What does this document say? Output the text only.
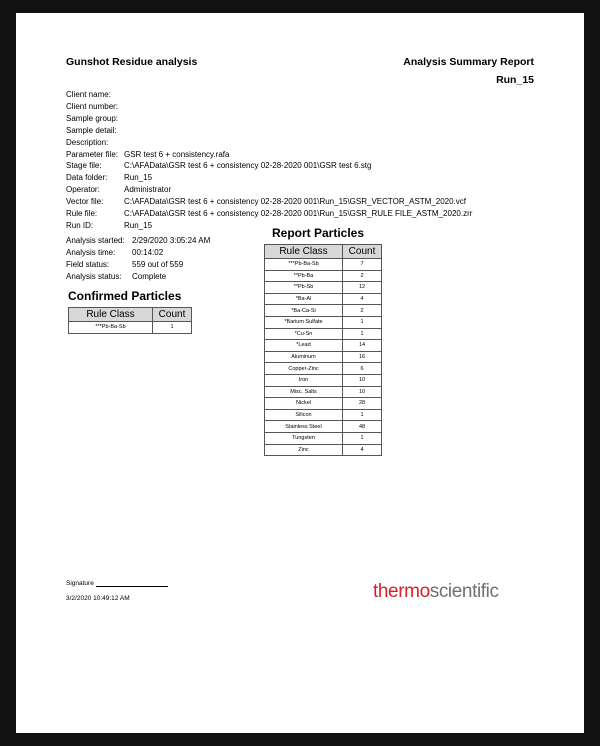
Gunshot Residue analysis	Analysis Summary Report
Run_15
Client name:
Client number:
Sample group:
Sample detail:
Description:
Parameter file: GSR test 6 + consistency.rafa
Stage file:	C:\AFAData\GSR test 6 + consistency 02-28-2020 001\GSR test 6.stg
Data folder: Run_15
Operator:	Administrator
Vector file:	C:\AFAData\GSR test 6 + consistency 02-28-2020 001\Run_15\GSR_VECTOR_ASTM_2020.vcf
Rule file:	C:\AFAData\GSR test 6 + consistency 02-28-2020 001\Run_15\GSR_RULE FILE_ASTM_2020.zrr
Run ID:	Run_15
Analysis started: 2/29/2020 3:05:24 AM
Analysis time: 00:14:02
Field status:	559 out of 559
Analysis status: Complete
Confirmed Particles
Rule Class	Count
***Pb-Ba-Sb	1
Report Particles
Rule Class	Count
***Pb-Ba-Sb	7
**Pb-Ba	2
**Pb-Sb	12
*Ba-Al	4
*Ba-Ca-Si	2
*Barium Sulfate	1
*Cu-Sn	1
*Lead	14
Aluminum	16
Copper-Zinc	6
Iron	10
Misc. Salts	10
Nickel	28
Silicon	1
Stainless Steel	48
Tungsten	1
Zinc	4
Signature
3/2/2020 10:49:12 AM	thermoscientific
